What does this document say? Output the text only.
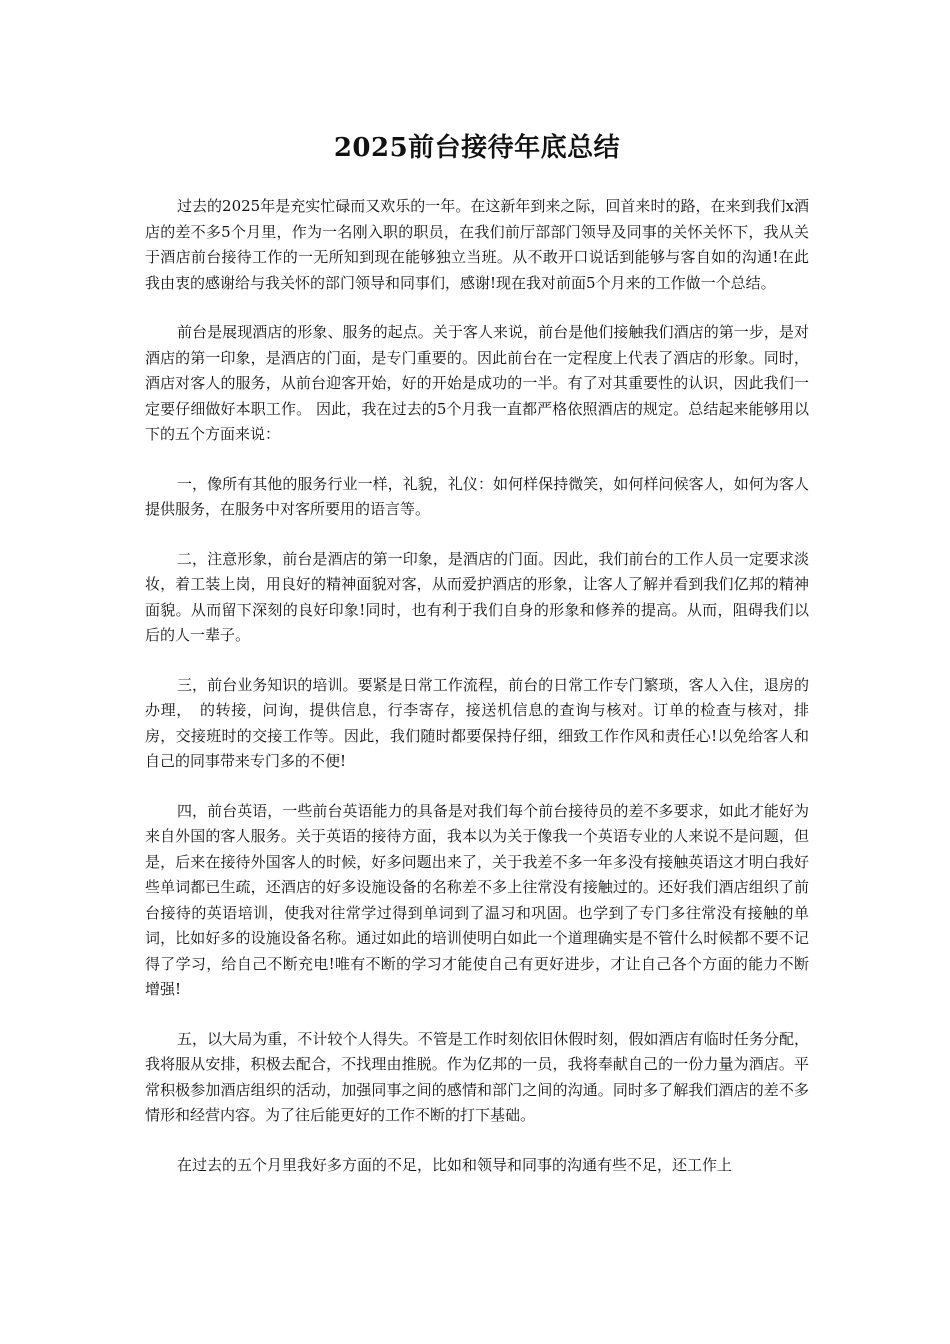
2025前台接待年底总结

过去的2025年是充实忙碌而又欢乐的一年。在这新年到来之际，回首来时的路，在来到我们x酒店的差不多5个月里，作为一名刚入职的职员，在我们前厅部部门领导及同事的关怀关怀下，我从关于酒店前台接待工作的一无所知到现在能够独立当班。从不敢开口说话到能够与客自如的沟通!在此我由衷的感谢给与我关怀的部门领导和同事们，感谢!现在我对前面5个月来的工作做一个总结。

前台是展现酒店的形象、服务的起点。关于客人来说，前台是他们接触我们酒店的第一步，是对酒店的第一印象，是酒店的门面，是专门重要的。因此前台在一定程度上代表了酒店的形象。同时，酒店对客人的服务，从前台迎客开始，好的开始是成功的一半。有了对其重要性的认识，因此我们一定要仔细做好本职工作。 因此，我在过去的5个月我一直都严格依照酒店的规定。总结起来能够用以下的五个方面来说：

一，像所有其他的服务行业一样，礼貌，礼仪：如何样保持微笑，如何样问候客人，如何为客人提供服务，在服务中对客所要用的语言等。

二，注意形象，前台是酒店的第一印象，是酒店的门面。因此，我们前台的工作人员一定要求淡妆，着工装上岗，用良好的精神面貌对客，从而爱护酒店的形象，让客人了解并看到我们亿邦的精神面貌。从而留下深刻的良好印象!同时，也有利于我们自身的形象和修养的提高。从而，阻碍我们以后的人一辈子。

三，前台业务知识的培训。要紧是日常工作流程，前台的日常工作专门繁琐，客人入住，退房的办理，　的转接，问询，提供信息，行李寄存，接送机信息的查询与核对。订单的检查与核对，排房，交接班时的交接工作等。因此，我们随时都要保持仔细，细致工作作风和责任心!以免给客人和自己的同事带来专门多的不便!

四，前台英语，一些前台英语能力的具备是对我们每个前台接待员的差不多要求，如此才能好为来自外国的客人服务。关于英语的接待方面，我本以为关于像我一个英语专业的人来说不是问题，但是，后来在接待外国客人的时候，好多问题出来了，关于我差不多一年多没有接触英语这才明白我好些单词都已生疏，还酒店的好多设施设备的名称差不多上往常没有接触过的。还好我们酒店组织了前台接待的英语培训，使我对往常学过得到单词到了温习和巩固。也学到了专门多往常没有接触的单词，比如好多的设施设备名称。通过如此的培训使明白如此一个道理确实是不管什么时候都不要不记得了学习，给自己不断充电!唯有不断的学习才能使自己有更好进步，才让自己各个方面的能力不断增强!

五，以大局为重，不计较个人得失。不管是工作时刻依旧休假时刻，假如酒店有临时任务分配，我将服从安排，积极去配合，不找理由推脱。作为亿邦的一员，我将奉献自己的一份力量为酒店。平常积极参加酒店组织的活动，加强同事之间的感情和部门之间的沟通。同时多了解我们酒店的差不多情形和经营内容。为了往后能更好的工作不断的打下基础。

在过去的五个月里我好多方面的不足，比如和领导和同事的沟通有些不足，还工作上
